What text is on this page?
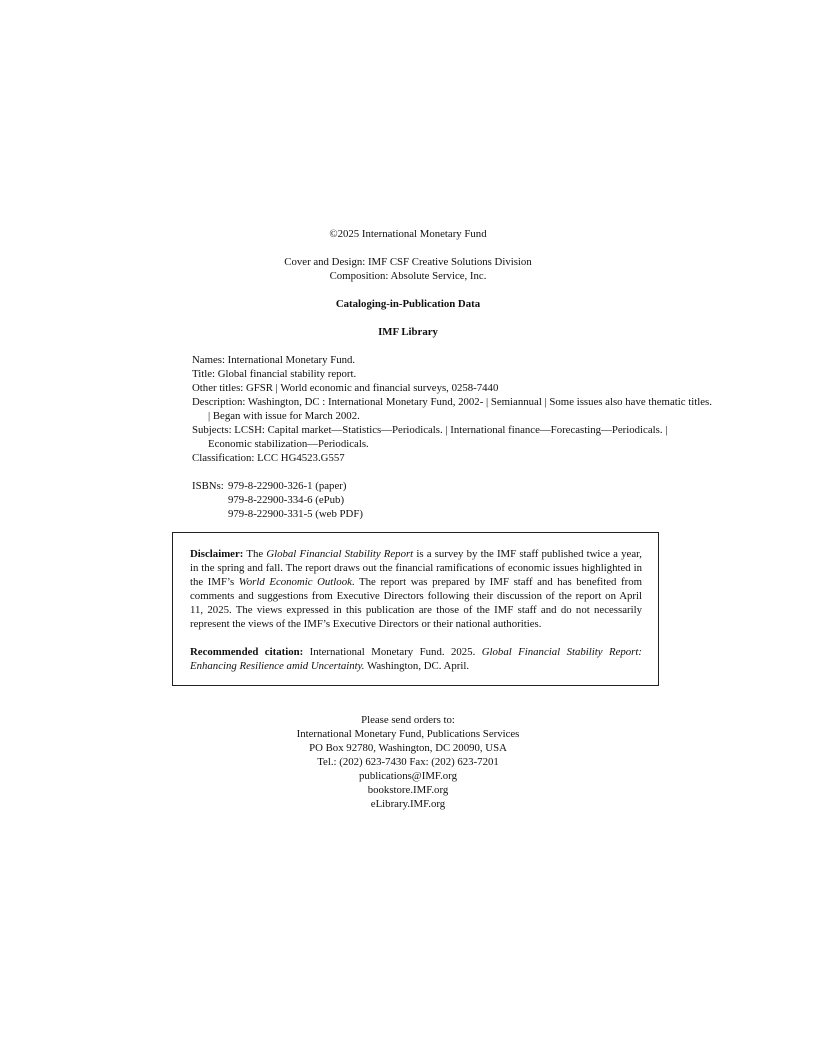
©2025 International Monetary Fund
Cover and Design: IMF CSF Creative Solutions Division
Composition: Absolute Service, Inc.
Cataloging-in-Publication Data
IMF Library
Names: International Monetary Fund.
Title: Global financial stability report.
Other titles: GFSR | World economic and financial surveys, 0258-7440
Description: Washington, DC : International Monetary Fund, 2002- | Semiannual | Some issues also have thematic titles. | Began with issue for March 2002.
Subjects: LCSH: Capital market—Statistics—Periodicals. | International finance—Forecasting—Periodicals. | Economic stabilization—Periodicals.
Classification: LCC HG4523.G557
ISBNs: 979-8-22900-326-1 (paper)
979-8-22900-334-6 (ePub)
979-8-22900-331-5 (web PDF)

Disclaimer: The Global Financial Stability Report is a survey by the IMF staff published twice a year, in the spring and fall. The report draws out the financial ramifications of economic issues highlighted in the IMF’s World Economic Outlook. The report was prepared by IMF staff and has benefited from comments and suggestions from Executive Directors following their discussion of the report on April 11, 2025. The views expressed in this publication are those of the IMF staff and do not necessarily represent the views of the IMF’s Executive Directors or their national authorities.

Recommended citation: International Monetary Fund. 2025. Global Financial Stability Report: Enhancing Resilience amid Uncertainty. Washington, DC. April.

Please send orders to:
International Monetary Fund, Publications Services
PO Box 92780, Washington, DC 20090, USA
Tel.: (202) 623-7430 Fax: (202) 623-7201
publications@IMF.org
bookstore.IMF.org
eLibrary.IMF.org
